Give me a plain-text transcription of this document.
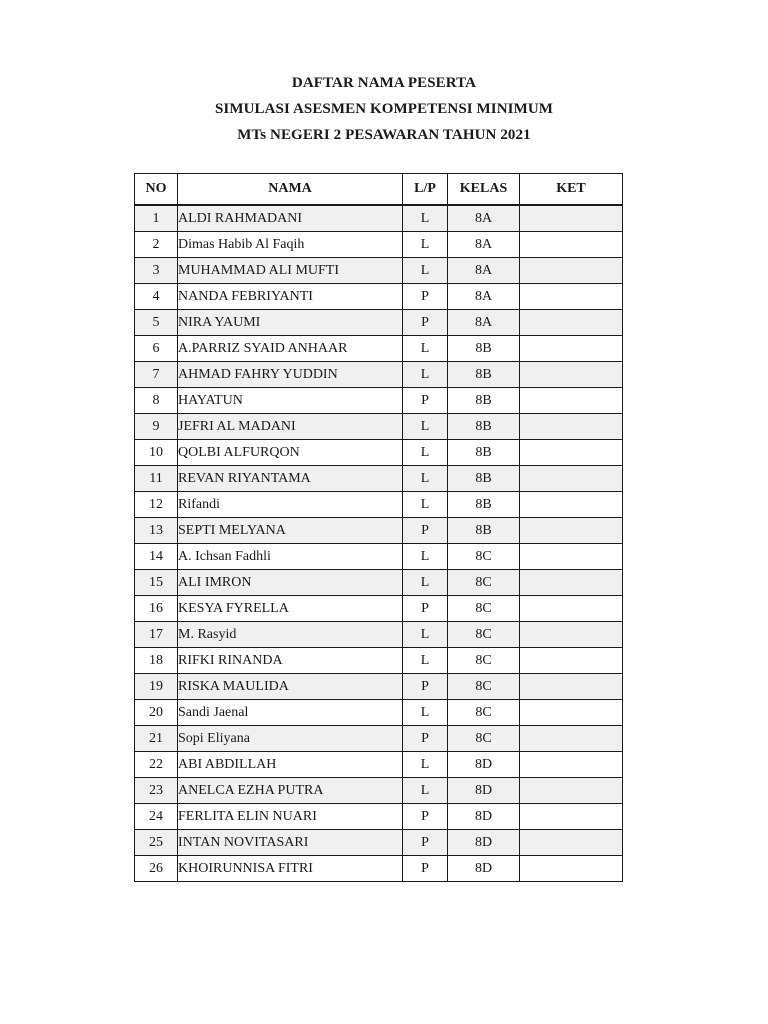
DAFTAR NAMA PESERTA
SIMULASI ASESMEN KOMPETENSI MINIMUM
MTs NEGERI 2 PESAWARAN TAHUN 2021
NO	NAMA	L/P	KELAS	KET
1	ALDI RAHMADANI	L	8A	
2	Dimas Habib Al Faqih	L	8A	
3	MUHAMMAD ALI MUFTI	L	8A	
4	NANDA FEBRIYANTI	P	8A	
5	NIRA YAUMI	P	8A	
6	A.PARRIZ SYAID ANHAAR	L	8B	
7	AHMAD FAHRY YUDDIN	L	8B	
8	HAYATUN	P	8B	
9	JEFRI AL MADANI	L	8B	
10	QOLBI ALFURQON	L	8B	
11	REVAN RIYANTAMA	L	8B	
12	Rifandi	L	8B	
13	SEPTI MELYANA	P	8B	
14	A. Ichsan Fadhli	L	8C	
15	ALI IMRON	L	8C	
16	KESYA FYRELLA	P	8C	
17	M. Rasyid	L	8C	
18	RIFKI RINANDA	L	8C	
19	RISKA MAULIDA	P	8C	
20	Sandi Jaenal	L	8C	
21	Sopi Eliyana	P	8C	
22	ABI ABDILLAH	L	8D	
23	ANELCA EZHA PUTRA	L	8D	
24	FERLITA ELIN NUARI	P	8D	
25	INTAN NOVITASARI	P	8D	
26	KHOIRUNNISA FITRI	P	8D	
